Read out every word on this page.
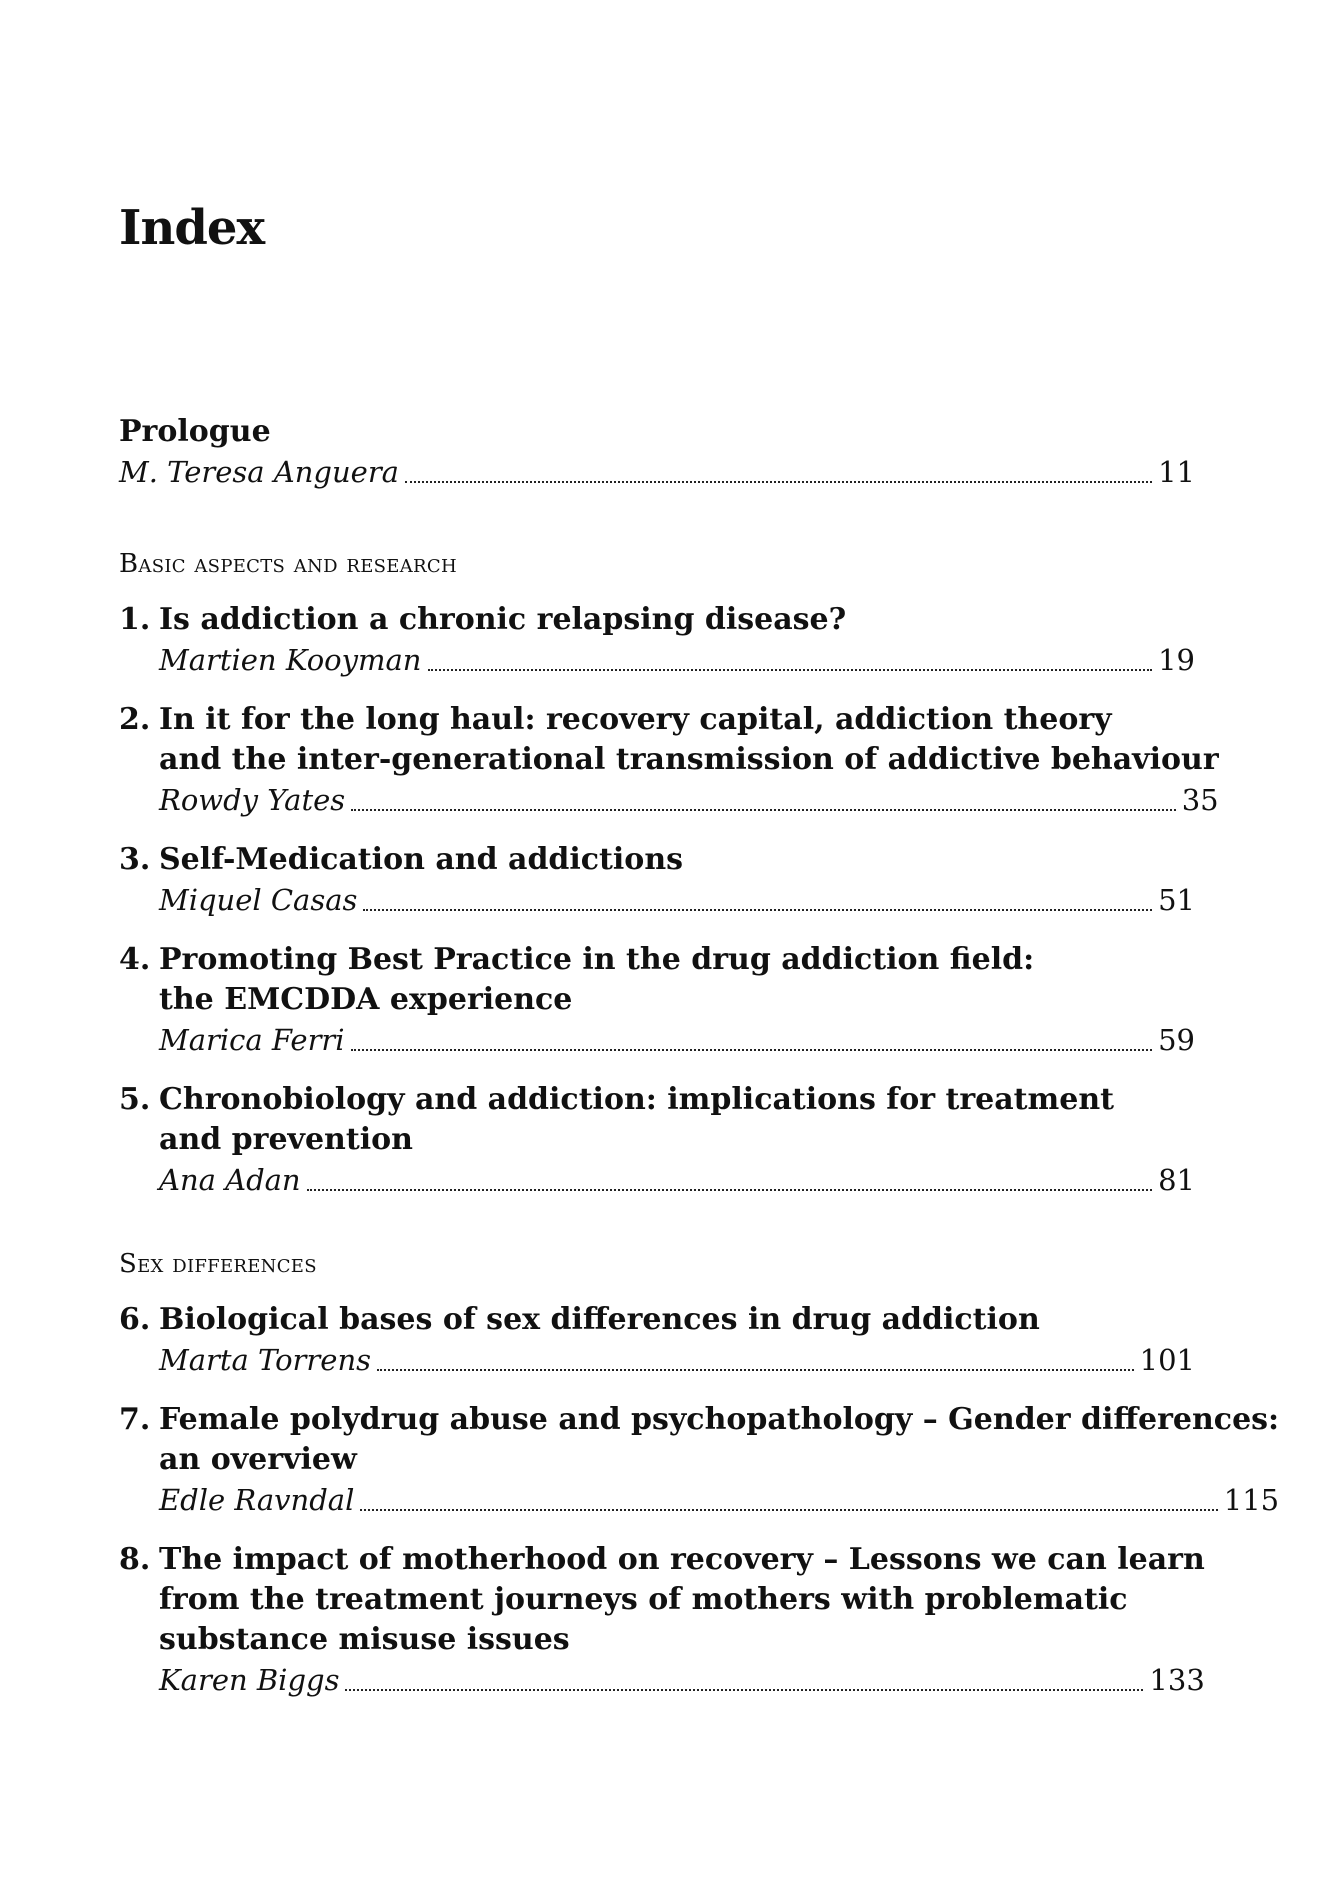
Index
Prologue
M. Teresa Anguera	11
Basic aspects and research
1. Is addiction a chronic relapsing disease?
Martien Kooyman	19
2. In it for the long haul: recovery capital, addiction theory
and the inter-generational transmission of addictive behaviour
Rowdy Yates	35
3. Self-Medication and addictions
Miquel Casas	51
4. Promoting Best Practice in the drug addiction field:
the EMCDDA experience
Marica Ferri	59
5. Chronobiology and addiction: implications for treatment
and prevention
Ana Adan	81
Sex differences
6. Biological bases of sex differences in drug addiction
Marta Torrens	101
7. Female polydrug abuse and psychopathology – Gender differences:
an overview
Edle Ravndal	115
8. The impact of motherhood on recovery – Lessons we can learn
from the treatment journeys of mothers with problematic
substance misuse issues
Karen Biggs	133
